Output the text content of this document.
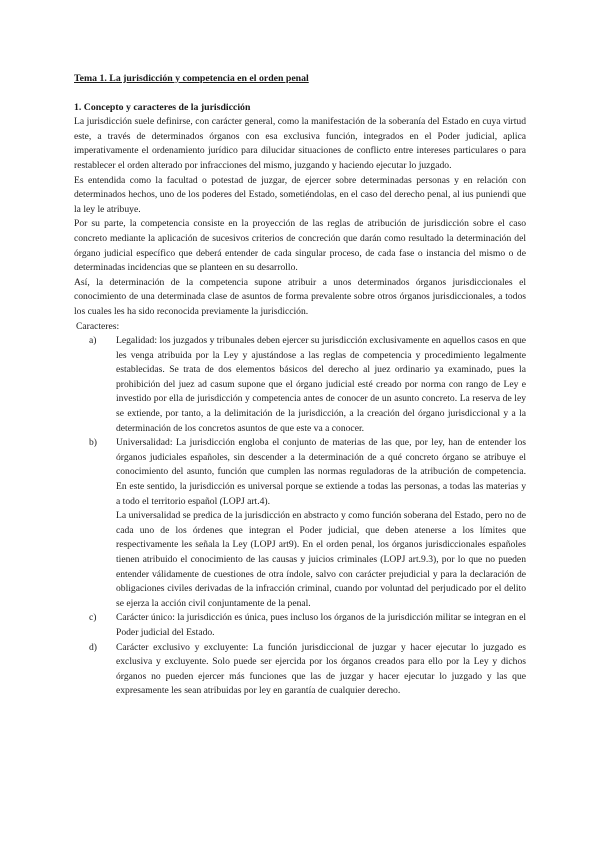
Tema 1. La jurisdicción y competencia en el orden penal
1. Concepto y caracteres de la jurisdicción

La jurisdicción suele definirse, con carácter general, como la manifestación de la soberanía del Estado en cuya virtud este, a través de determinados órganos con esa exclusiva función, integrados en el Poder judicial, aplica imperativamente el ordenamiento jurídico para dilucidar situaciones de conflicto entre intereses particulares o para restablecer el orden alterado por infracciones del mismo, juzgando y haciendo ejecutar lo juzgado.

Es entendida como la facultad o potestad de juzgar, de ejercer sobre determinadas personas y en relación con determinados hechos, uno de los poderes del Estado, sometiéndolas, en el caso del derecho penal, al ius puniendi que la ley le atribuye.

Por su parte, la competencia consiste en la proyección de las reglas de atribución de jurisdicción sobre el caso concreto mediante la aplicación de sucesivos criterios de concreción que darán como resultado la determinación del órgano judicial específico que deberá entender de cada singular proceso, de cada fase o instancia del mismo o de determinadas incidencias que se planteen en su desarrollo.

Así, la determinación de la competencia supone atribuir a unos determinados órganos jurisdiccionales el conocimiento de una determinada clase de asuntos de forma prevalente sobre otros órganos jurisdiccionales, a todos los cuales les ha sido reconocida previamente la jurisdicción.

Caracteres:

a)	Legalidad: los juzgados y tribunales deben ejercer su jurisdicción exclusivamente en aquellos casos en que les venga atribuida por la Ley y ajustándose a las reglas de competencia y procedimiento legalmente establecidas. Se trata de dos elementos básicos del derecho al juez ordinario ya examinado, pues la prohibición del juez ad casum supone que el órgano judicial esté creado por norma con rango de Ley e investido por ella de jurisdicción y competencia antes de conocer de un asunto concreto. La reserva de ley se extiende, por tanto, a la delimitación de la jurisdicción, a la creación del órgano jurisdiccional y a la determinación de los concretos asuntos de que este va a conocer.

b)	Universalidad: La jurisdicción engloba el conjunto de materias de las que, por ley, han de entender los órganos judiciales españoles, sin descender a la determinación de a qué concreto órgano se atribuye el conocimiento del asunto, función que cumplen las normas reguladoras de la atribución de competencia. En este sentido, la jurisdicción es universal porque se extiende a todas las personas, a todas las materias y a todo el territorio español (LOPJ art.4).

La universalidad se predica de la jurisdicción en abstracto y como función soberana del Estado, pero no de cada uno de los órdenes que integran el Poder judicial, que deben atenerse a los límites que respectivamente les señala la Ley (LOPJ art9). En el orden penal, los órganos jurisdiccionales españoles tienen atribuido el conocimiento de las causas y juicios criminales (LOPJ art.9.3), por lo que no pueden entender válidamente de cuestiones de otra índole, salvo con carácter prejudicial y para la declaración de obligaciones civiles derivadas de la infracción criminal, cuando por voluntad del perjudicado por el delito se ejerza la acción civil conjuntamente de la penal.

c)	Carácter único: la jurisdicción es única, pues incluso los órganos de la jurisdicción militar se integran en el Poder judicial del Estado.

d)	Carácter exclusivo y excluyente: La función jurisdiccional de juzgar y hacer ejecutar lo juzgado es exclusiva y excluyente. Solo puede ser ejercida por los órganos creados para ello por la Ley y dichos órganos no pueden ejercer más funciones que las de juzgar y hacer ejecutar lo juzgado y las que expresamente les sean atribuidas por ley en garantía de cualquier derecho.
